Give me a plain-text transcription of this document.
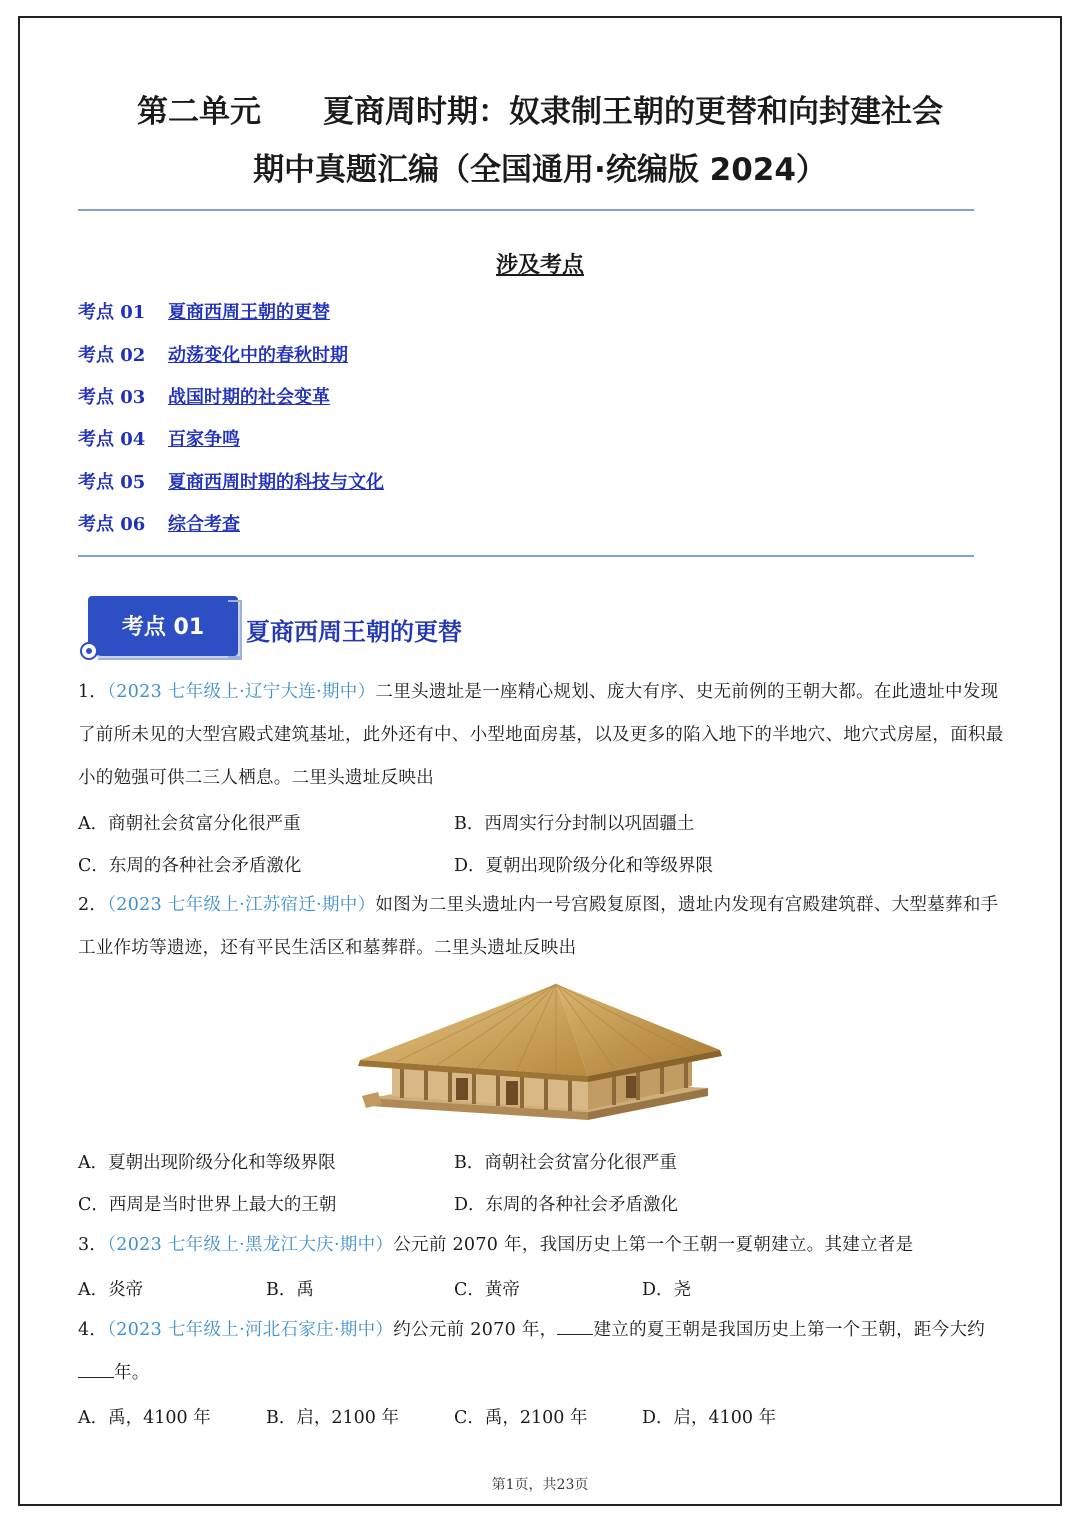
第二单元　　夏商周时期：奴隶制王朝的更替和向封建社会
期中真题汇编（全国通用·统编版 2024）
涉及考点
考点 01 夏商西周王朝的更替
考点 02 动荡变化中的春秋时期
考点 03 战国时期的社会变革
考点 04 百家争鸣
考点 05 夏商西周时期的科技与文化
考点 06 综合考查
考点 01	夏商西周王朝的更替
1．（2023 七年级上·辽宁大连·期中）二里头遗址是一座精心规划、庞大有序、史无前例的王朝大都。在此遗址中发现了前所未见的大型宫殿式建筑基址，此外还有中、小型地面房基，以及更多的陷入地下的半地穴、地穴式房屋，面积最小的勉强可供二三人栖息。二里头遗址反映出
A．商朝社会贫富分化很严重	B．西周实行分封制以巩固疆土
C．东周的各种社会矛盾激化	D．夏朝出现阶级分化和等级界限
2．（2023 七年级上·江苏宿迁·期中）如图为二里头遗址内一号宫殿复原图，遗址内发现有宫殿建筑群、大型墓葬和手工业作坊等遗迹，还有平民生活区和墓葬群。二里头遗址反映出
A．夏朝出现阶级分化和等级界限	B．商朝社会贫富分化很严重
C．西周是当时世界上最大的王朝	D．东周的各种社会矛盾激化
3．（2023 七年级上·黑龙江大庆·期中）公元前 2070 年，我国历史上第一个王朝一夏朝建立。其建立者是
A．炎帝	B．禹	C．黄帝	D．尧
4．（2023 七年级上·河北石家庄·期中）约公元前 2070 年， 建立的夏王朝是我国历史上第一个王朝，距今大约年。
A．禹，4100 年	B．启，2100 年	C．禹，2100 年	D．启，4100 年
第1页，共23页
